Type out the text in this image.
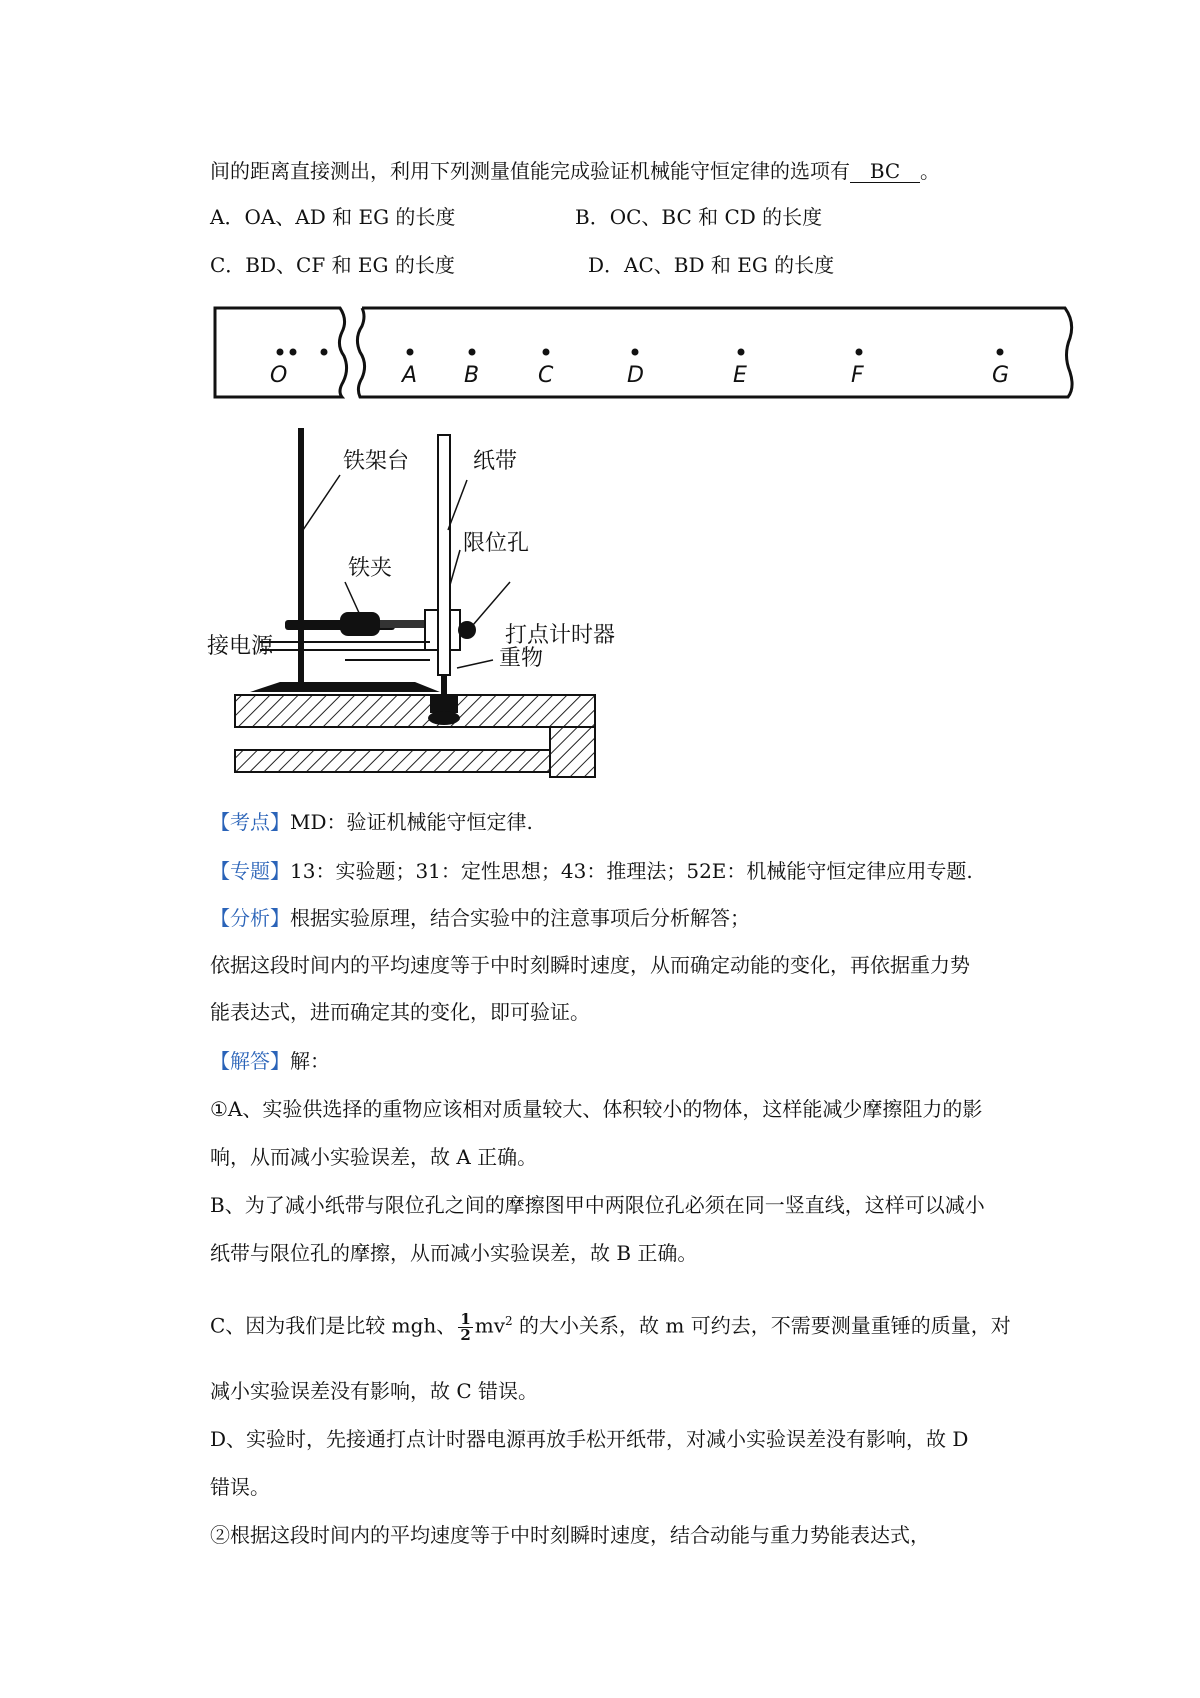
间的距离直接测出，利用下列测量值能完成验证机械能守恒定律的选项有 BC 。
A．OA、AD 和 EG 的长度	B．OC、BC 和 CD 的长度
C．BD、CF 和 EG 的长度	D．AC、BD 和 EG 的长度
O	A B	C	D	E	F	G
铁架台	纸带
铁夹
限位孔
打点计时器
接电源	重物
【考点】MD：验证机械能守恒定律.
【专题】13：实验题；31：定性思想；43：推理法；52E：机械能守恒定律应用专题.
【分析】根据实验原理，结合实验中的注意事项后分析解答；
依据这段时间内的平均速度等于中时刻瞬时速度，从而确定动能的变化，再依据重力势
能表达式，进而确定其的变化，即可验证。
【解答】解：
①A、实验供选择的重物应该相对质量较大、体积较小的物体，这样能减少摩擦阻力的影
响，从而减小实验误差，故 A 正确。
B、为了减小纸带与限位孔之间的摩擦图甲中两限位孔必须在同一竖直线，这样可以减小
纸带与限位孔的摩擦，从而减小实验误差，故 B 正确。
C、因为我们是比较 mgh、 $\frac{1}{2} mv^2$ 的大小关系，故 m 可约去，不需要测量重锤的质量，对
减小实验误差没有影响，故 C 错误。
D、实验时，先接通打点计时器电源再放手松开纸带，对减小实验误差没有影响，故 D
错误。
②根据这段时间内的平均速度等于中时刻瞬时速度，结合动能与重力势能表达式，
